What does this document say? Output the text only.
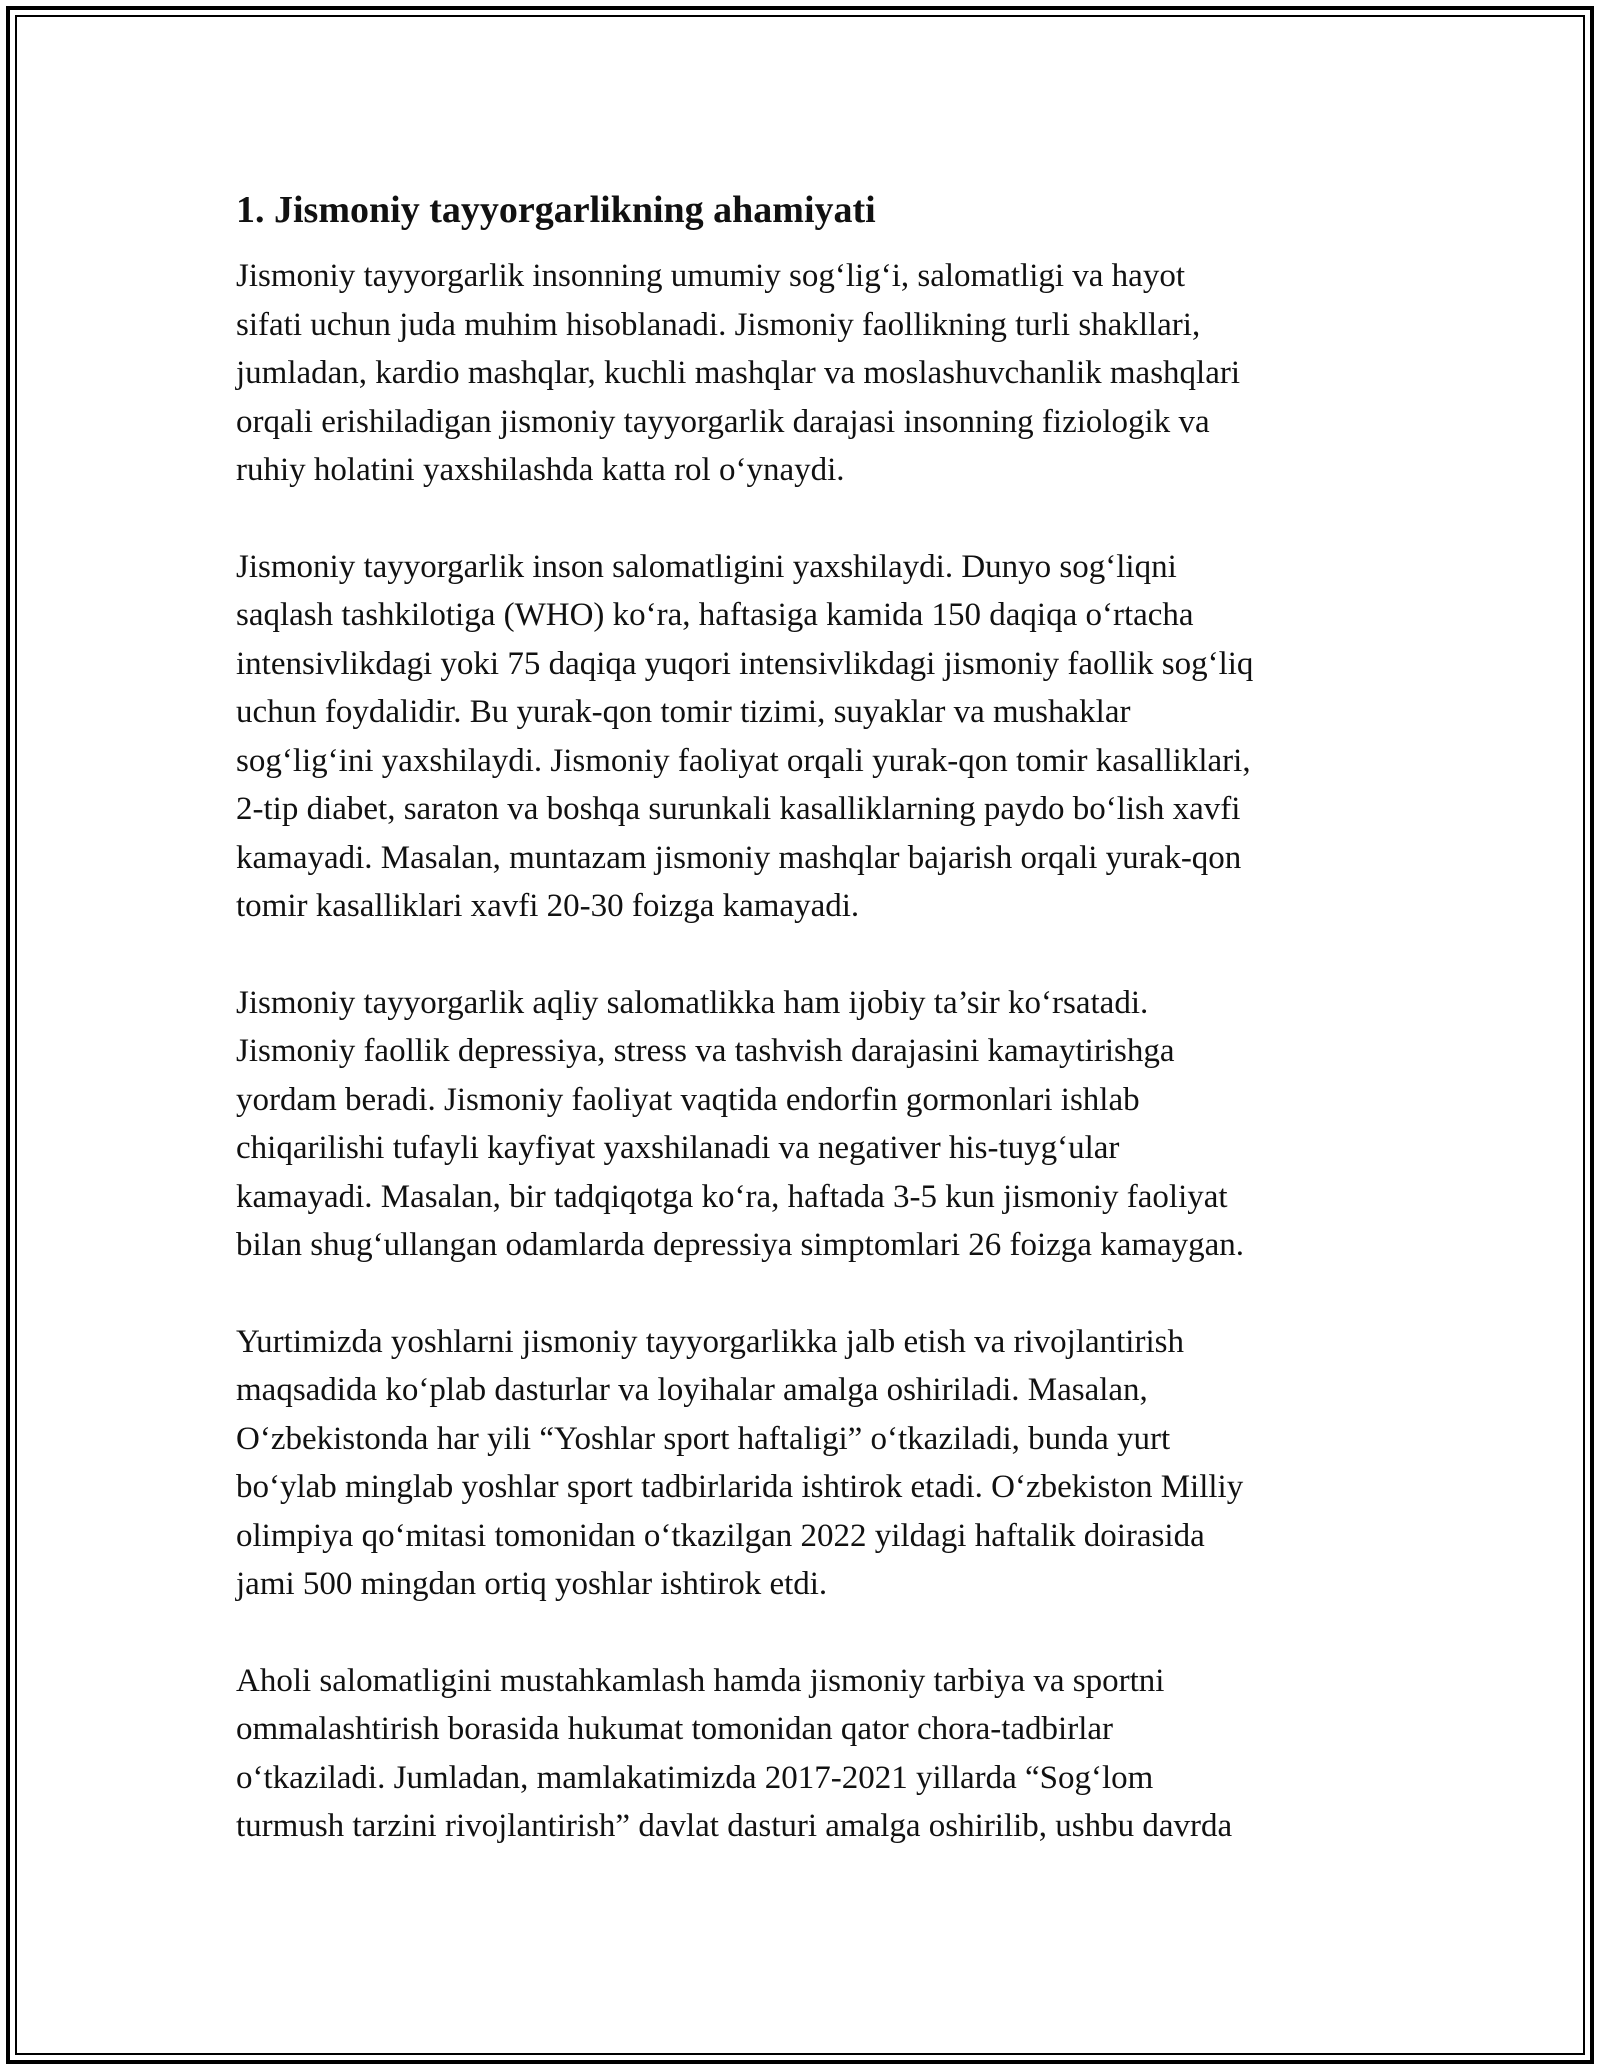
1. Jismoniy tayyorgarlikning ahamiyati

Jismoniy tayyorgarlik insonning umumiy sog‘lig‘i, salomatligi va hayot
sifati uchun juda muhim hisoblanadi. Jismoniy faollikning turli shakllari,
jumladan, kardio mashqlar, kuchli mashqlar va moslashuvchanlik mashqlari
orqali erishiladigan jismoniy tayyorgarlik darajasi insonning fiziologik va
ruhiy holatini yaxshilashda katta rol o‘ynaydi.

Jismoniy tayyorgarlik inson salomatligini yaxshilaydi. Dunyo sog‘liqni
saqlash tashkilotiga (WHO) ko‘ra, haftasiga kamida 150 daqiqa o‘rtacha
intensivlikdagi yoki 75 daqiqa yuqori intensivlikdagi jismoniy faollik sog‘liq
uchun foydalidir. Bu yurak-qon tomir tizimi, suyaklar va mushaklar
sog‘lig‘ini yaxshilaydi. Jismoniy faoliyat orqali yurak-qon tomir kasalliklari,
2-tip diabet, saraton va boshqa surunkali kasalliklarning paydo bo‘lish xavfi
kamayadi. Masalan, muntazam jismoniy mashqlar bajarish orqali yurak-qon
tomir kasalliklari xavfi 20-30 foizga kamayadi.

Jismoniy tayyorgarlik aqliy salomatlikka ham ijobiy ta’sir ko‘rsatadi.
Jismoniy faollik depressiya, stress va tashvish darajasini kamaytirishga
yordam beradi. Jismoniy faoliyat vaqtida endorfin gormonlari ishlab
chiqarilishi tufayli kayfiyat yaxshilanadi va negativer his-tuyg‘ular
kamayadi. Masalan, bir tadqiqotga ko‘ra, haftada 3-5 kun jismoniy faoliyat
bilan shug‘ullangan odamlarda depressiya simptomlari 26 foizga kamaygan.

Yurtimizda yoshlarni jismoniy tayyorgarlikka jalb etish va rivojlantirish
maqsadida ko‘plab dasturlar va loyihalar amalga oshiriladi. Masalan,
O‘zbekistonda har yili “Yoshlar sport haftaligi” o‘tkaziladi, bunda yurt
bo‘ylab minglab yoshlar sport tadbirlarida ishtirok etadi. O‘zbekiston Milliy
olimpiya qo‘mitasi tomonidan o‘tkazilgan 2022 yildagi haftalik doirasida
jami 500 mingdan ortiq yoshlar ishtirok etdi.

Aholi salomatligini mustahkamlash hamda jismoniy tarbiya va sportni
ommalashtirish borasida hukumat tomonidan qator chora-tadbirlar
o‘tkaziladi. Jumladan, mamlakatimizda 2017-2021 yillarda “Sog‘lom
turmush tarzini rivojlantirish” davlat dasturi amalga oshirilib, ushbu davrda
